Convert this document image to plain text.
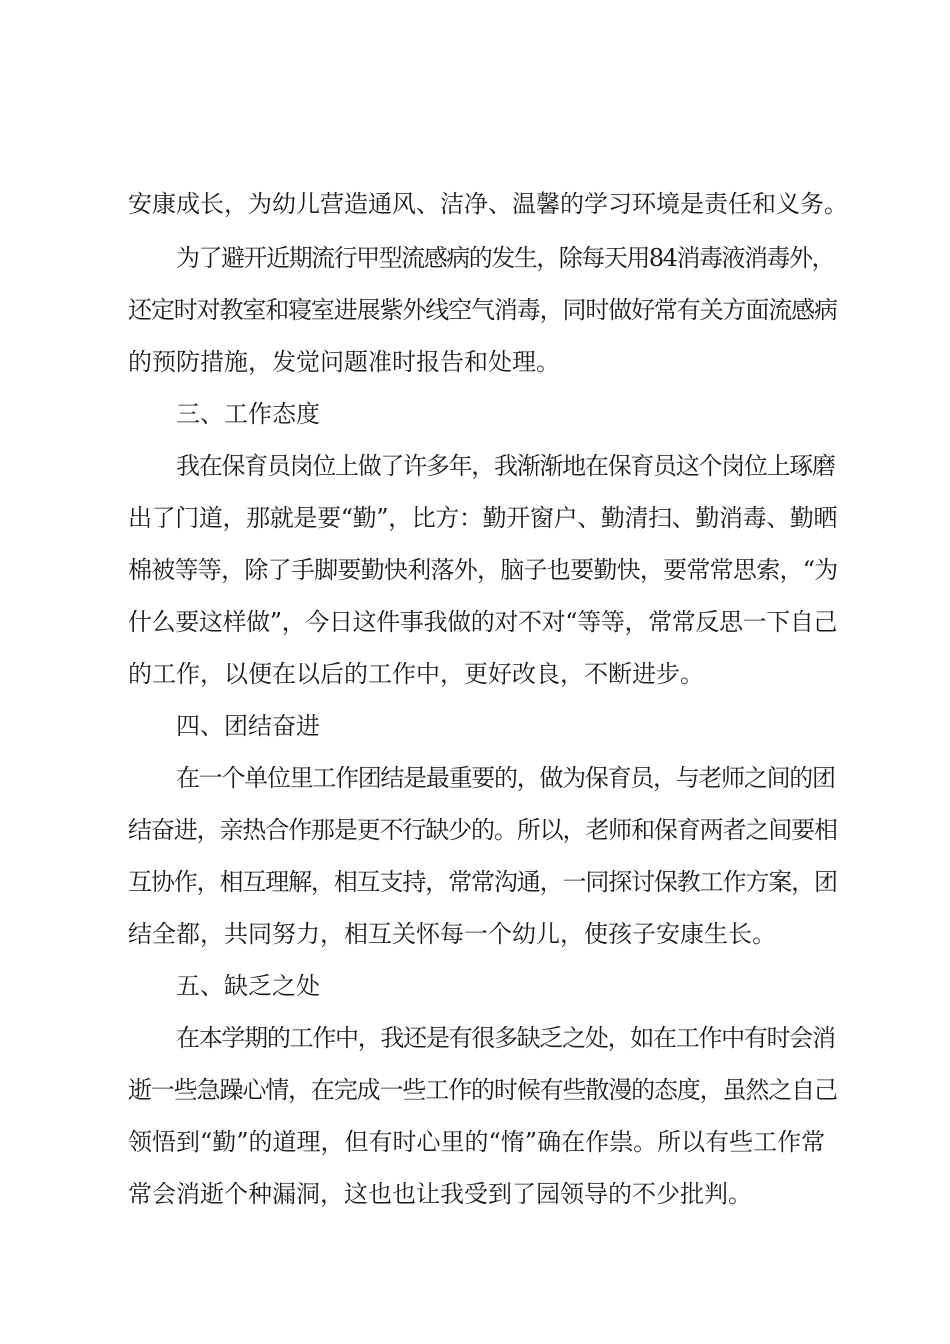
安康成长，为幼儿营造通风、洁净、温馨的学习环境是责任和义务。
为了避开近期流行甲型流感病的发生，除每天用84消毒液消毒外，
还定时对教室和寝室进展紫外线空气消毒，同时做好常有关方面流感病
的预防措施，发觉问题准时报告和处理。
三、工作态度
我在保育员岗位上做了许多年，我渐渐地在保育员这个岗位上琢磨
出了门道，那就是要“勤”，比方：勤开窗户、勤清扫、勤消毒、勤晒
棉被等等，除了手脚要勤快利落外，脑子也要勤快，要常常思索，“为
什么要这样做”，今日这件事我做的对不对“等等，常常反思一下自己
的工作，以便在以后的工作中，更好改良，不断进步。
四、团结奋进
在一个单位里工作团结是最重要的，做为保育员，与老师之间的团
结奋进，亲热合作那是更不行缺少的。所以，老师和保育两者之间要相
互协作，相互理解，相互支持，常常沟通，一同探讨保教工作方案，团
结全都，共同努力，相互关怀每一个幼儿，使孩子安康生长。
五、缺乏之处
在本学期的工作中，我还是有很多缺乏之处，如在工作中有时会消
逝一些急躁心情，在完成一些工作的时候有些散漫的态度，虽然之自己
领悟到“勤”的道理，但有时心里的“惰”确在作祟。所以有些工作常
常会消逝个种漏洞，这也也让我受到了园领导的不少批判。
